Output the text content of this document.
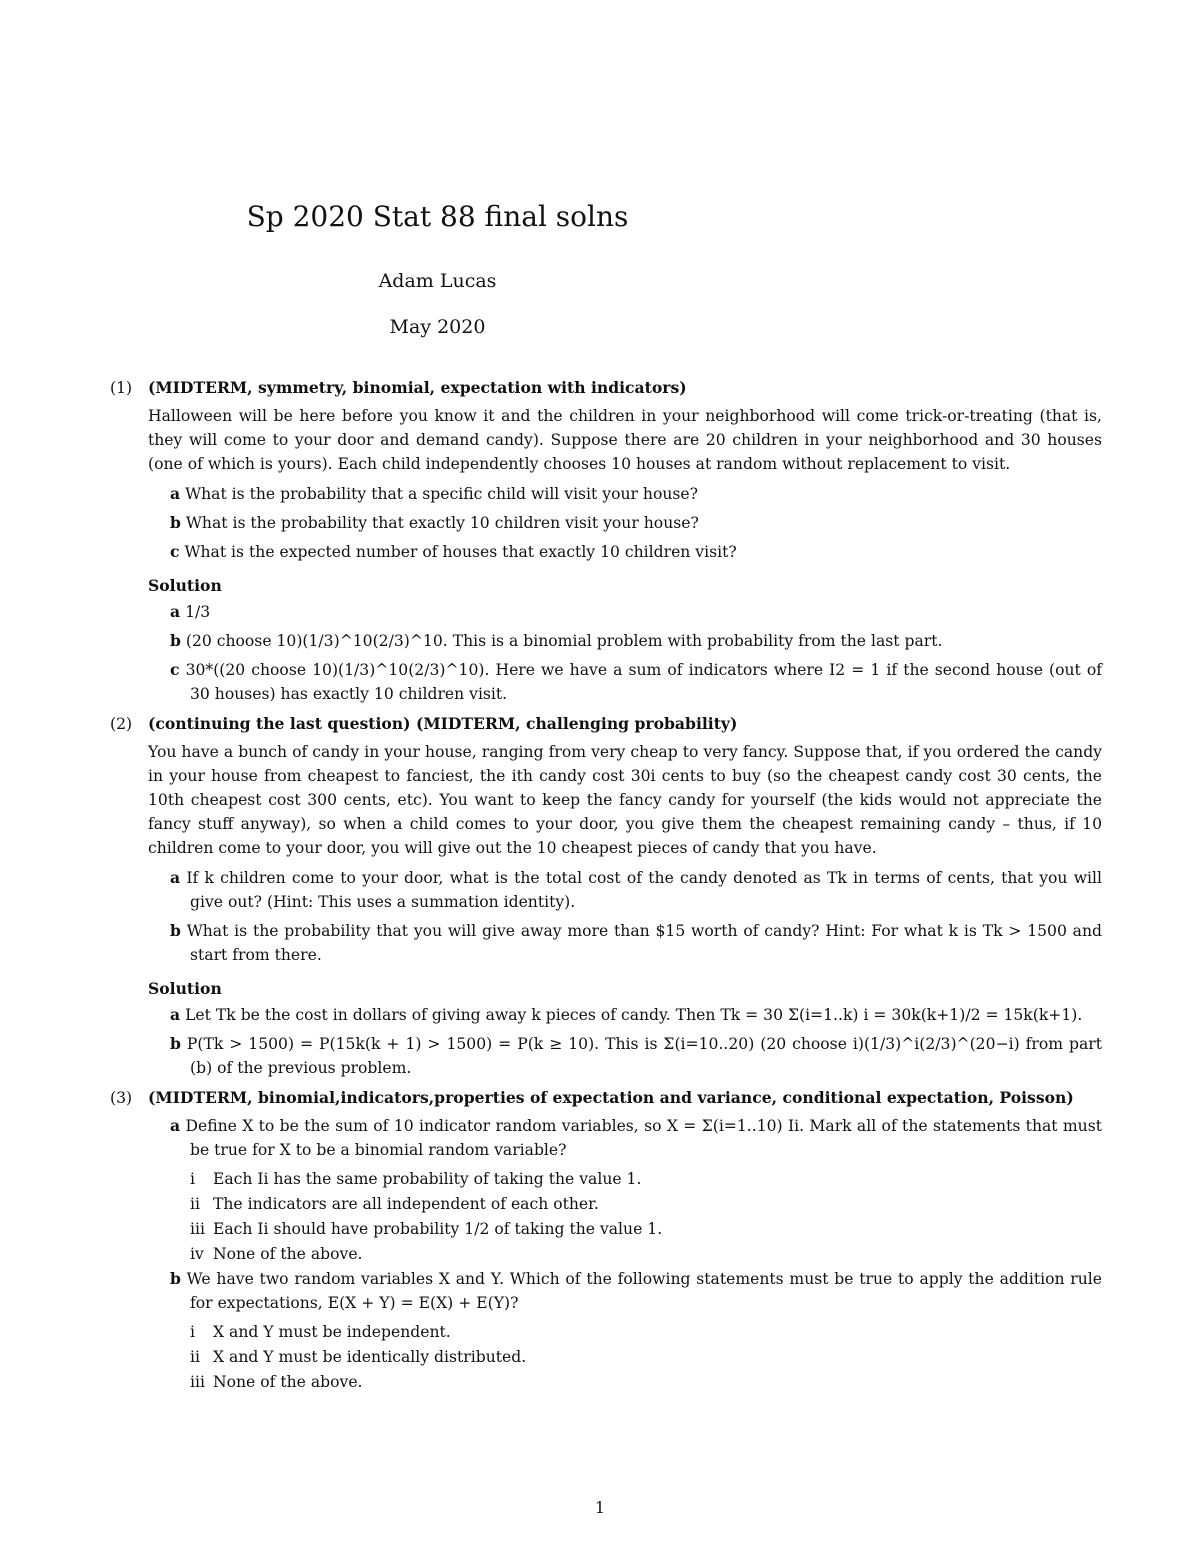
Sp 2020 Stat 88 final solns
Adam Lucas
May 2020
(1) (MIDTERM, symmetry, binomial, expectation with indicators)
Halloween will be here before you know it and the children in your neighborhood will come trick-or-treating (that is, they will come to your door and demand candy). Suppose there are 20 children in your neighborhood and 30 houses (one of which is yours). Each child independently chooses 10 houses at random without replacement to visit.
a What is the probability that a specific child will visit your house?
b What is the probability that exactly 10 children visit your house?
c What is the expected number of houses that exactly 10 children visit?
Solution
a 1/3
b (20 choose 10)(1/3)^10(2/3)^10. This is a binomial problem with probability from the last part.
c 30*((20 choose 10)(1/3)^10(2/3)^10). Here we have a sum of indicators where I2 = 1 if the second house (out of 30 houses) has exactly 10 children visit.
(2) (continuing the last question) (MIDTERM, challenging probability)
You have a bunch of candy in your house, ranging from very cheap to very fancy. Suppose that, if you ordered the candy in your house from cheapest to fanciest, the ith candy cost 30i cents to buy (so the cheapest candy cost 30 cents, the 10th cheapest cost 300 cents, etc). You want to keep the fancy candy for yourself (the kids would not appreciate the fancy stuff anyway), so when a child comes to your door, you give them the cheapest remaining candy – thus, if 10 children come to your door, you will give out the 10 cheapest pieces of candy that you have.
a If k children come to your door, what is the total cost of the candy denoted as Tk in terms of cents, that you will give out? (Hint: This uses a summation identity).
b What is the probability that you will give away more than $15 worth of candy? Hint: For what k is Tk > 1500 and start from there.
Solution
a Let Tk be the cost in dollars of giving away k pieces of candy. Then Tk = 30 Σ(i=1..k) i = 30k(k+1)/2 = 15k(k+1).
b P(Tk > 1500) = P(15k(k + 1) > 1500) = P(k ≥ 10). This is Σ(i=10..20) (20 choose i)(1/3)^i(2/3)^(20−i) from part (b) of the previous problem.
(3) (MIDTERM, binomial,indicators,properties of expectation and variance, conditional expectation, Poisson)
a Define X to be the sum of 10 indicator random variables, so X = Σ(i=1..10) Ii. Mark all of the statements that must be true for X to be a binomial random variable?
i Each Ii has the same probability of taking the value 1.
ii The indicators are all independent of each other.
iii Each Ii should have probability 1/2 of taking the value 1.
iv None of the above.
b We have two random variables X and Y. Which of the following statements must be true to apply the addition rule for expectations, E(X + Y) = E(X) + E(Y)?
i X and Y must be independent.
ii X and Y must be identically distributed.
iii None of the above.
1
